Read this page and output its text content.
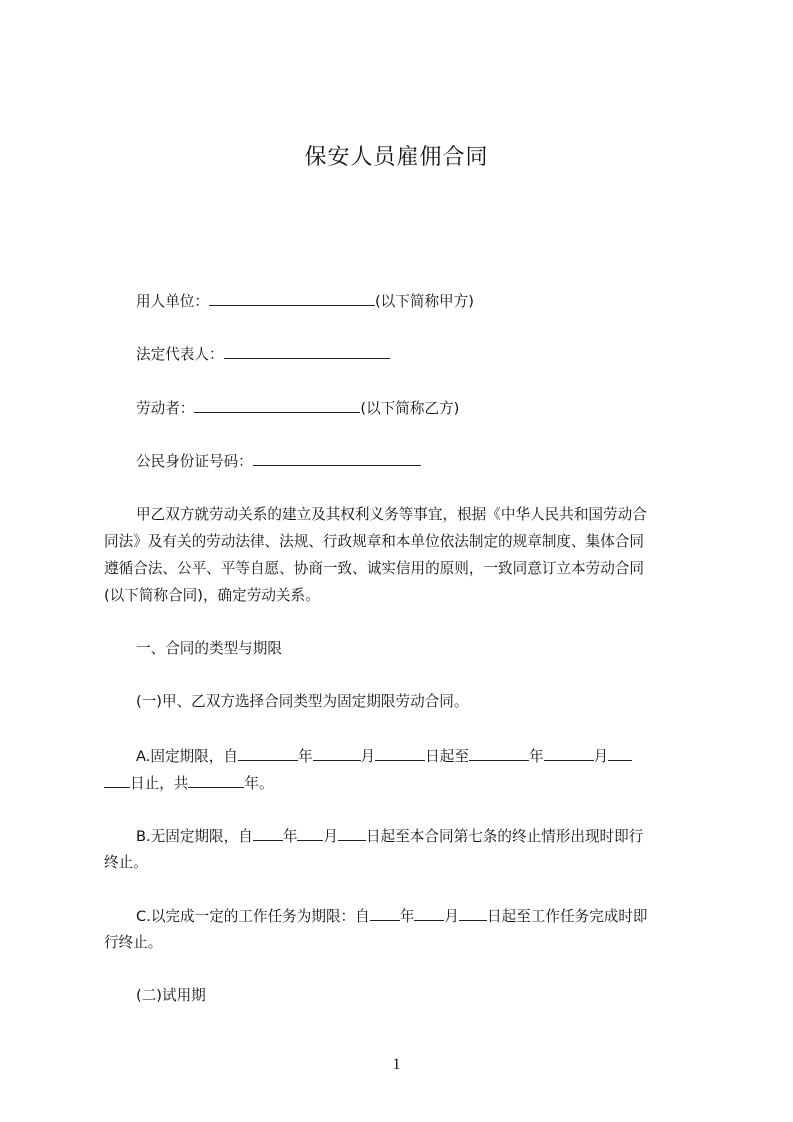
保安人员雇佣合同
用人单位：	(以下简称甲方)
法定代表人：
劳动者：	(以下简称乙方)
公民身份证号码：
甲乙双方就劳动关系的建立及其权利义务等事宜，根据《中华人民共和国劳动合
同法》及有关的劳动法律、法规、行政规章和本单位依法制定的规章制度、集体合同
遵循合法、公平、平等自愿、协商一致、诚实信用的原则，一致同意订立本劳动合同
(以下简称合同)，确定劳动关系。
一、合同的类型与期限
(一)甲、乙双方选择合同类型为固定期限劳动合同。
A.固定期限，自	年	月	日起至	年	月
日止，共	年。
B.无固定期限，自 年 月 日起至本合同第七条的终止情形出现时即行
终止。
C.以完成一定的工作任务为期限：自 年 月 日起至工作任务完成时即
行终止。
(二)试用期
1
